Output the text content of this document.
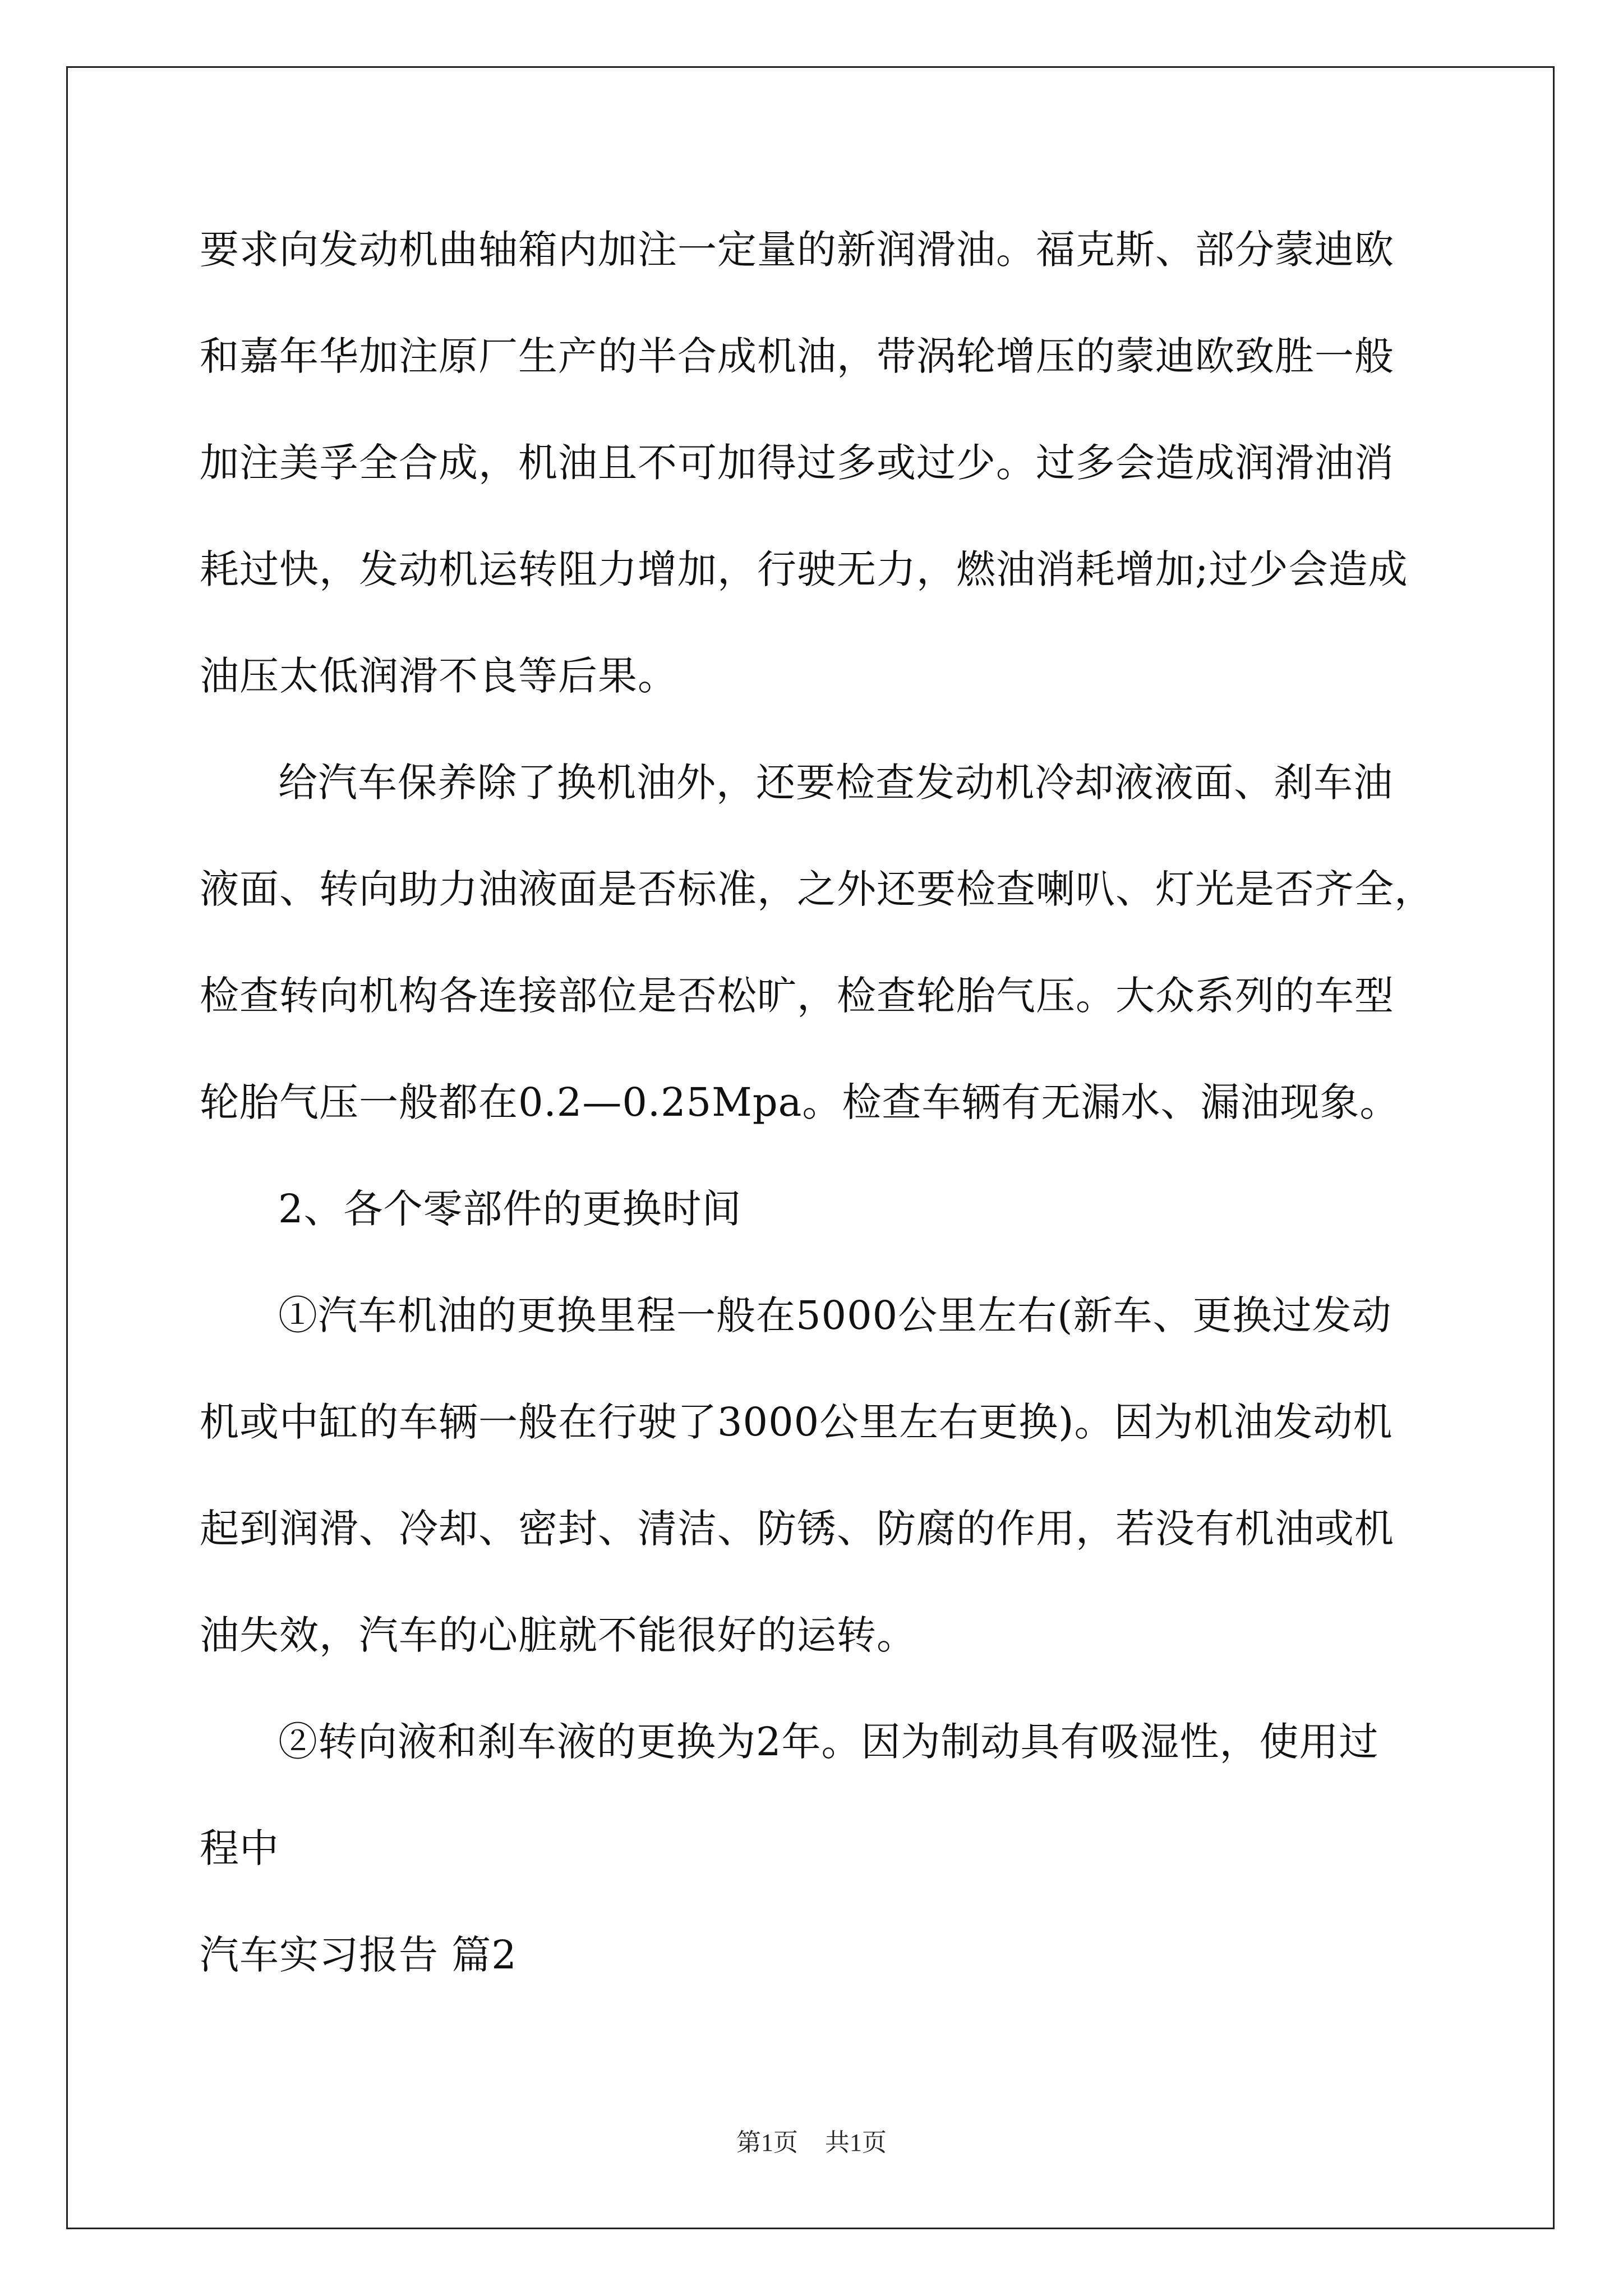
要求向发动机曲轴箱内加注一定量的新润滑油。福克斯、部分蒙迪欧
和嘉年华加注原厂生产的半合成机油，带涡轮增压的蒙迪欧致胜一般
加注美孚全合成，机油且不可加得过多或过少。过多会造成润滑油消
耗过快，发动机运转阻力增加，行驶无力，燃油消耗增加;过少会造成
油压太低润滑不良等后果。
给汽车保养除了换机油外，还要检查发动机冷却液液面、刹车油
液面、转向助力油液面是否标准，之外还要检查喇叭、灯光是否齐全，
检查转向机构各连接部位是否松旷，检查轮胎气压。大众系列的车型
轮胎气压一般都在0.2—0.25Mpa。检查车辆有无漏水、漏油现象。
2、各个零部件的更换时间
①汽车机油的更换里程一般在5000公里左右(新车、更换过发动
机或中缸的车辆一般在行驶了3000公里左右更换)。因为机油发动机
起到润滑、冷却、密封、清洁、防锈、防腐的作用，若没有机油或机
油失效，汽车的心脏就不能很好的运转。
②转向液和刹车液的更换为2年。因为制动具有吸湿性，使用过
程中
汽车实习报告 篇2
第1页 共1页
